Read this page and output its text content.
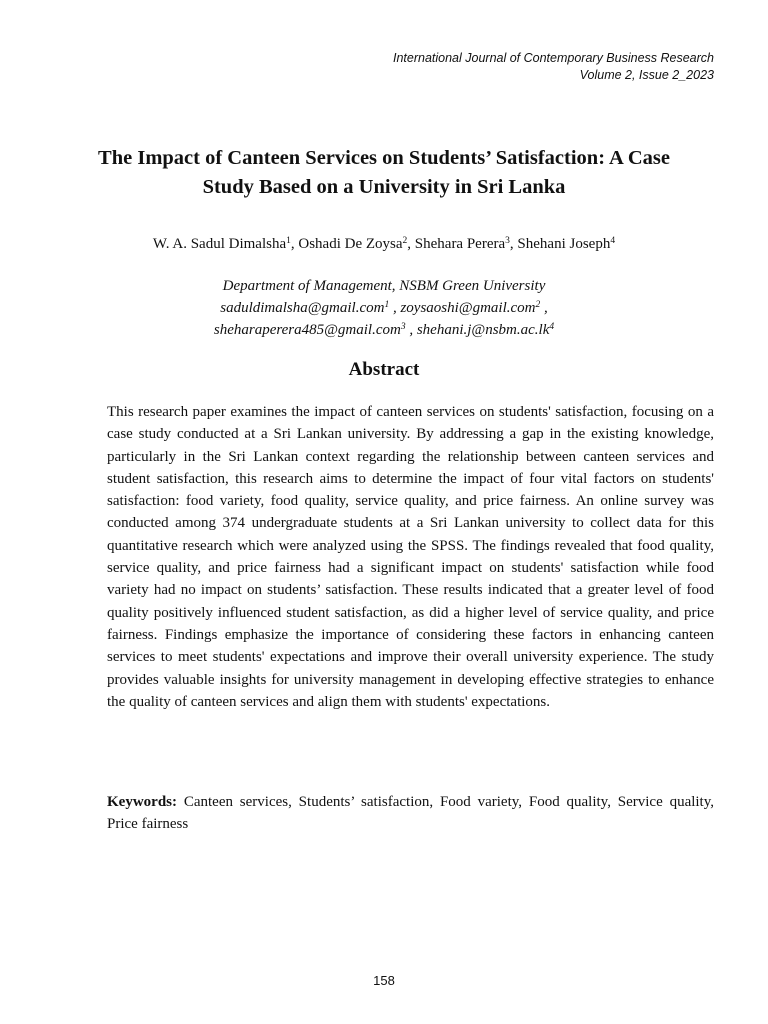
International Journal of Contemporary Business Research
Volume 2, Issue 2_2023
The Impact of Canteen Services on Students’ Satisfaction: A Case Study Based on a University in Sri Lanka
W. A. Sadul Dimalsha$^1$, Oshadi De Zoysa$^2$, Shehara Perera$^3$, Shehani Joseph$^4$
Department of Management, NSBM Green University
saduldimalsha@gmail.com$^1$ , zoysaoshi@gmail.com$^2$ ,
sheharaperera485@gmail.com$^3$ , $shehani.j@nsbm.ac.lk^4$
Abstract
This research paper examines the impact of canteen services on students' satisfaction, focusing on a case study conducted at a Sri Lankan university. By addressing a gap in the existing knowledge, particularly in the Sri Lankan context regarding the relationship between canteen services and student satisfaction, this research aims to determine the impact of four vital factors on students' satisfaction: food variety, food quality, service quality, and price fairness. An online survey was conducted among 374 undergraduate students at a Sri Lankan university to collect data for this quantitative research which were analyzed using the SPSS. The findings revealed that food quality, service quality, and price fairness had a significant impact on students' satisfaction while food variety had no impact on students’ satisfaction. These results indicated that a greater level of food quality positively influenced student satisfaction, as did a higher level of service quality, and price fairness. Findings emphasize the importance of considering these factors in enhancing canteen services to meet students' expectations and improve their overall university experience. The study provides valuable insights for university management in developing effective strategies to enhance the quality of canteen services and align them with students' expectations.
Keywords: Canteen services, Students’ satisfaction, Food variety, Food quality, Service quality, Price fairness
158
